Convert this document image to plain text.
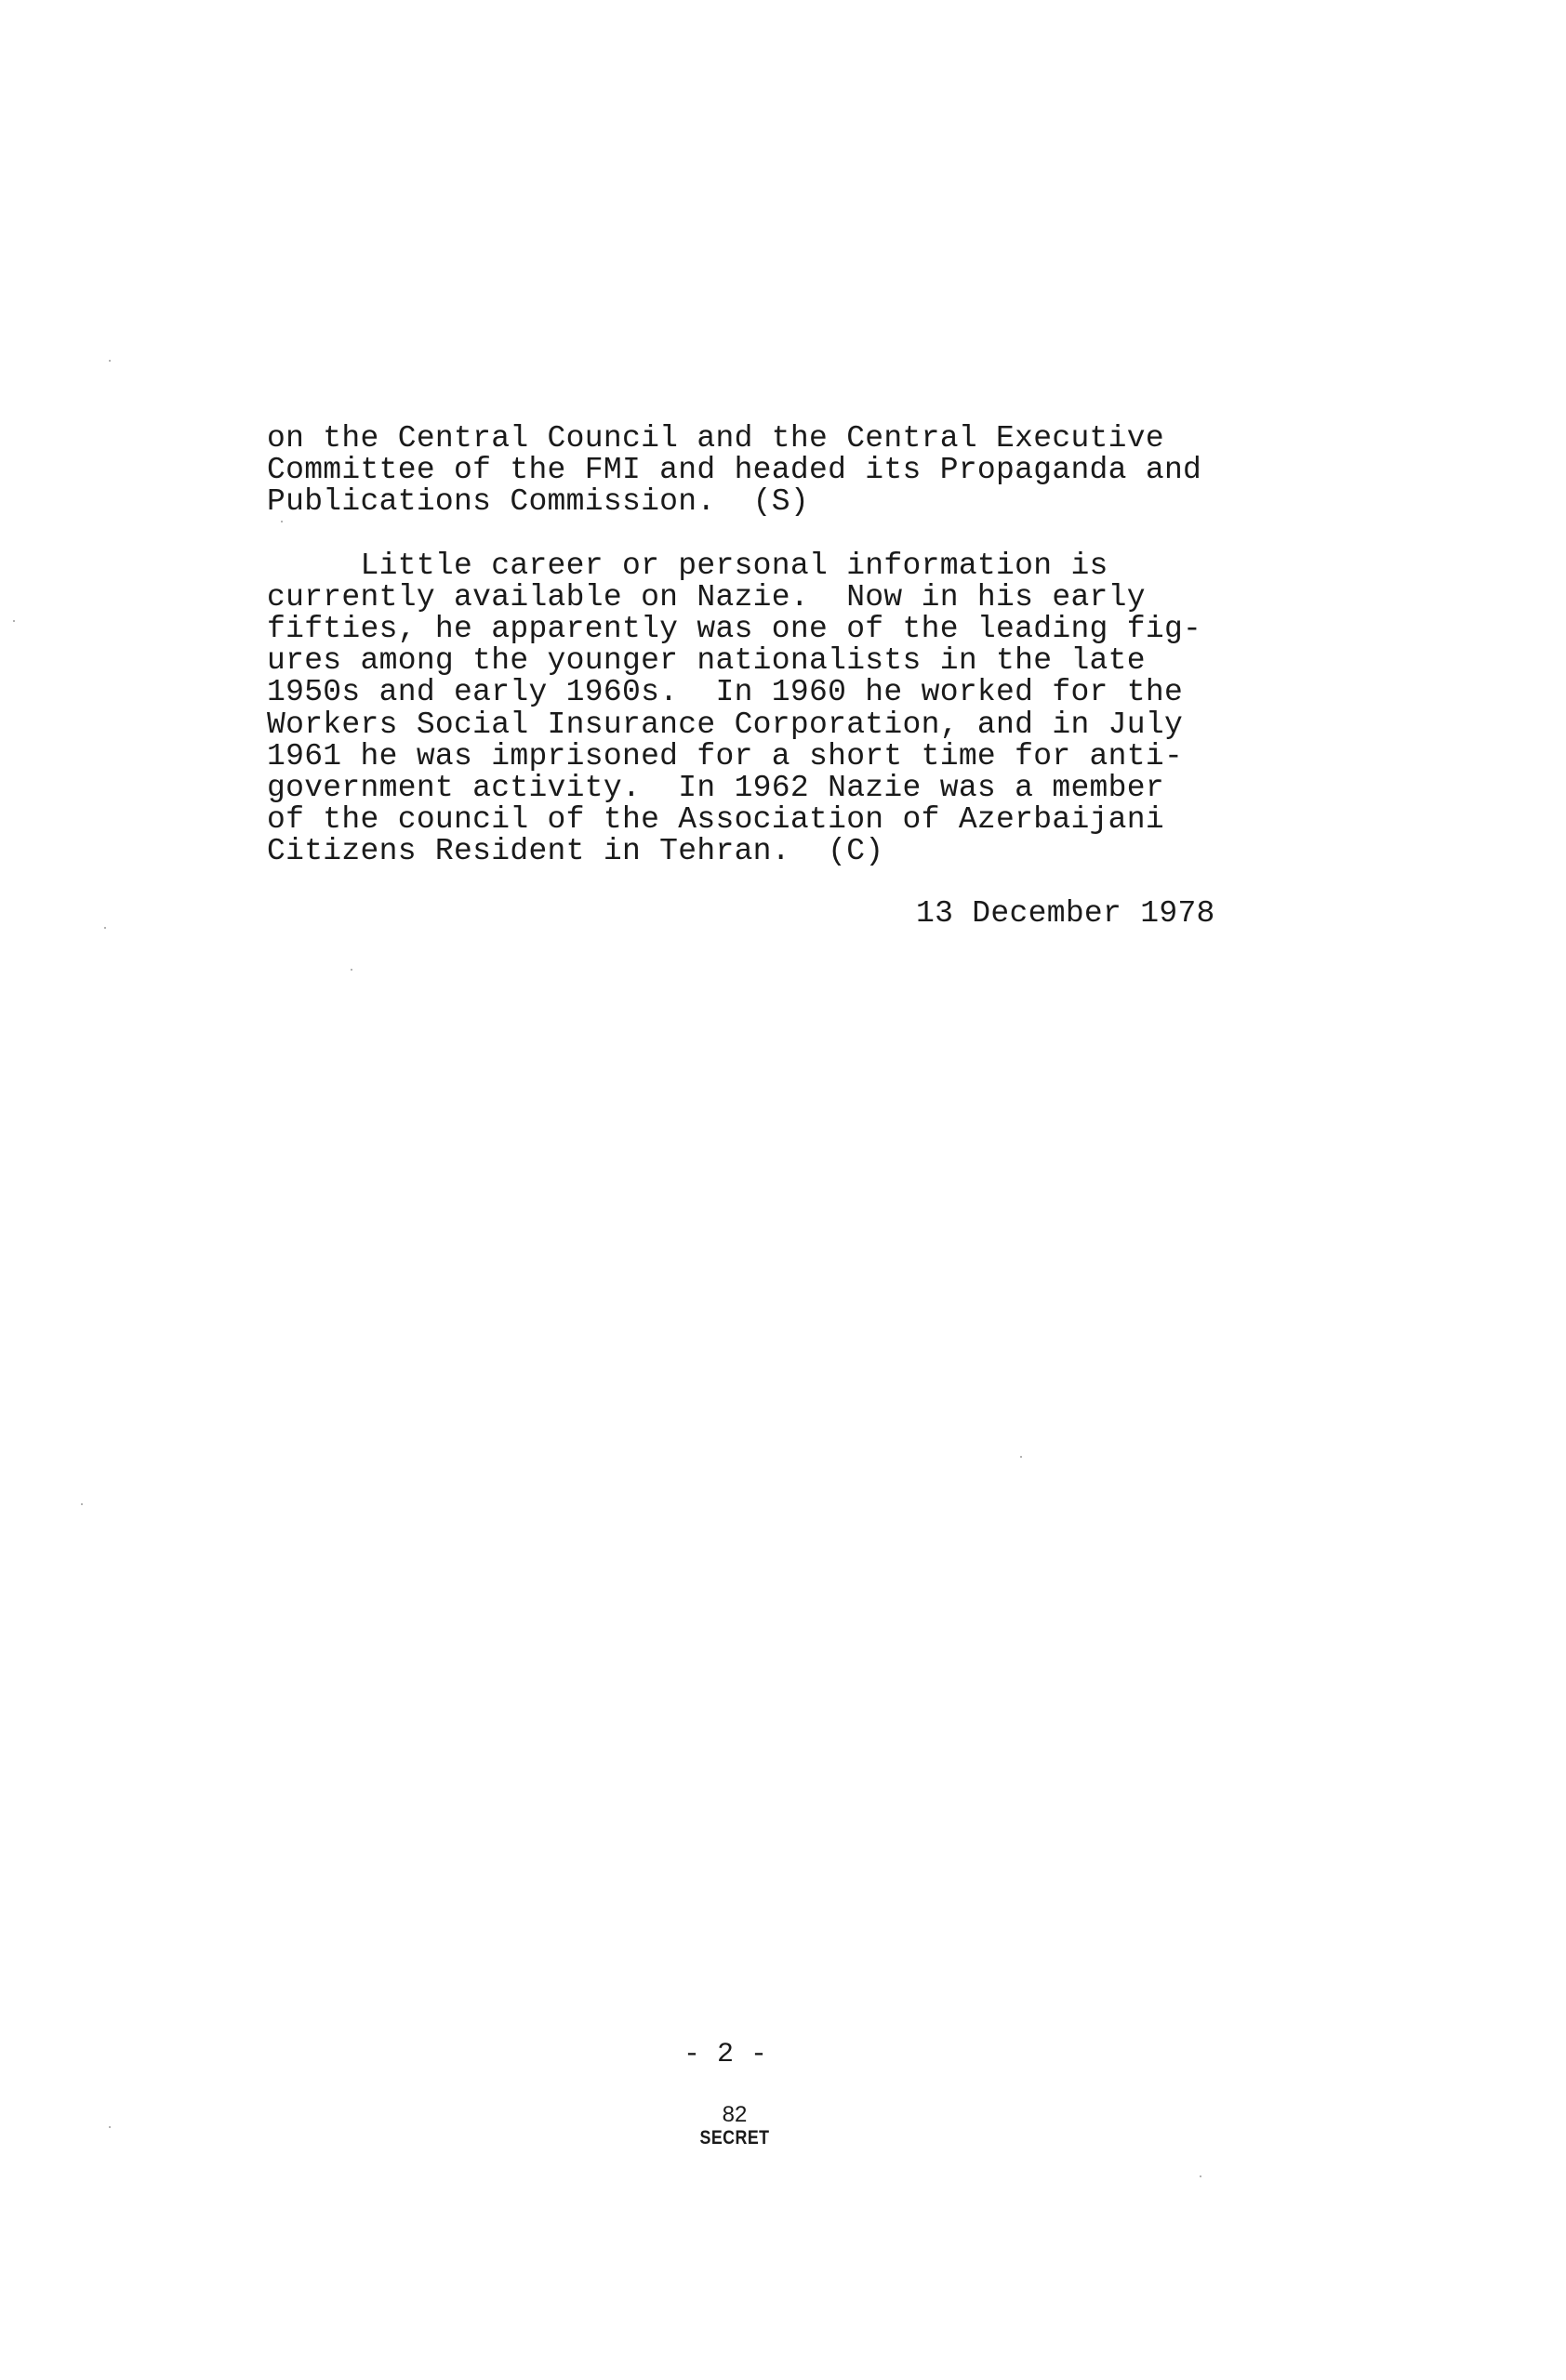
on the Central Council and the Central Executive
Committee of the FMI and headed its Propaganda and
Publications Commission.  (S)

Little career or personal information is
currently available on Nazie.  Now in his early
fifties, he apparently was one of the leading fig-
ures among the younger nationalists in the late
1950s and early 1960s.  In 1960 he worked for the
Workers Social Insurance Corporation, and in July
1961 he was imprisoned for a short time for anti-
government activity.  In 1962 Nazie was a member
of the council of the Association of Azerbaijani
Citizens Resident in Tehran.  (C)

13 December 1978
- 2 -
82
SECRET
